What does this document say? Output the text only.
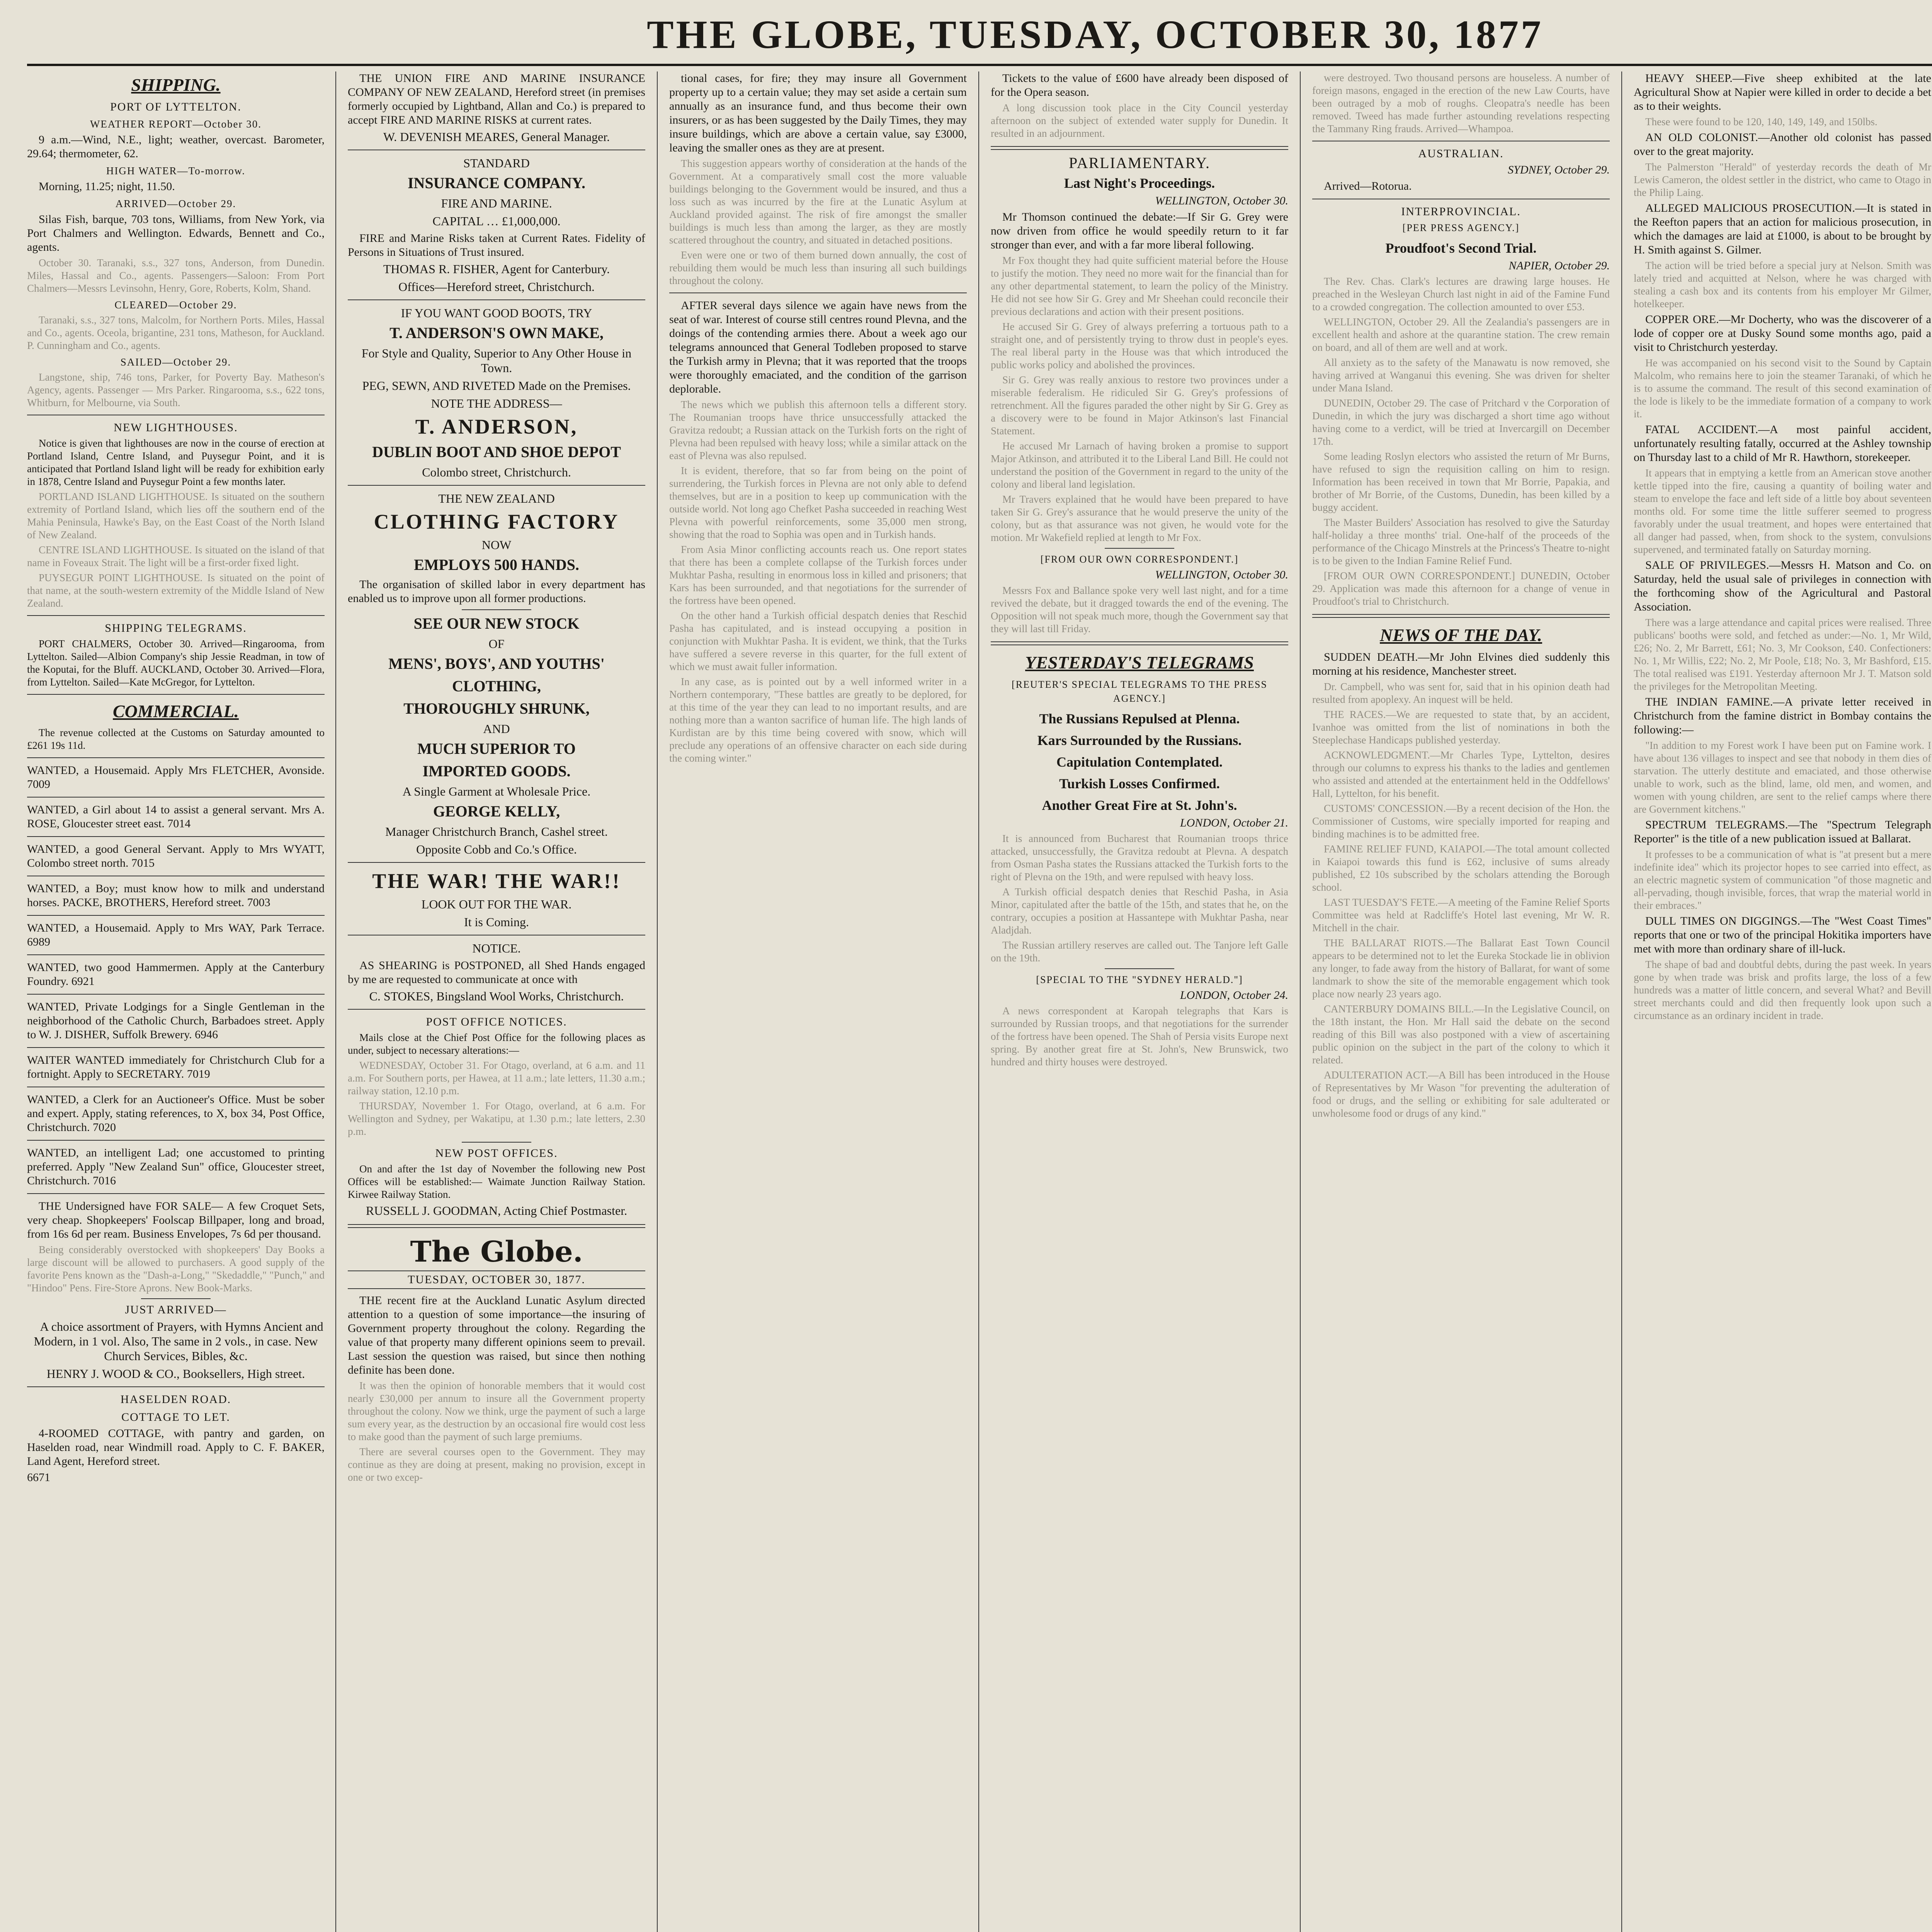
THE GLOBE, TUESDAY, OCTOBER 30, 1877
SHIPPING.
PORT OF LYTTELTON.
WEATHER REPORT—October 30.

9 a.m.—Wind, N.E., light; weather, overcast. Barometer, 29.64; thermometer, 62.

HIGH WATER—To-morrow.

Morning, 11.25; night, 11.50.

ARRIVED—October 29.

Silas Fish, barque, 703 tons, Williams, from New York, via Port Chalmers and Wellington. Edwards, Bennett and Co., agents.

October 30. Taranaki, s.s., 327 tons, Anderson, from Dunedin. Miles, Hassal and Co., agents. Passengers—Saloon: From Port Chalmers—Messrs Levinsohn, Henry, Gore, Roberts, Kolm, Shand.

CLEARED—October 29.

Taranaki, s.s., 327 tons, Malcolm, for Northern Ports. Miles, Hassal and Co., agents. Oceola, brigantine, 231 tons, Matheson, for Auckland. P. Cunningham and Co., agents.

SAILED—October 29.

Langstone, ship, 746 tons, Parker, for Poverty Bay. Matheson's Agency, agents. Passenger — Mrs Parker. Ringarooma, s.s., 622 tons, Whitburn, for Melbourne, via South.

NEW LIGHTHOUSES.

Notice is given that lighthouses are now in the course of erection at Portland Island, Centre Island, and Puysegur Point, and it is anticipated that Portland Island light will be ready for exhibition early in 1878, Centre Island and Puysegur Point a few months later.

PORTLAND ISLAND LIGHTHOUSE. Is situated on the southern extremity of Portland Island, which lies off the southern end of the Mahia Peninsula, Hawke's Bay, on the East Coast of the North Island of New Zealand.

CENTRE ISLAND LIGHTHOUSE. Is situated on the island of that name in Foveaux Strait. The light will be a first-order fixed light.

PUYSEGUR POINT LIGHTHOUSE. Is situated on the point of that name, at the south-western extremity of the Middle Island of New Zealand.

SHIPPING TELEGRAMS.

PORT CHALMERS, October 30. Arrived—Ringarooma, from Lyttelton. Sailed—Albion Company's ship Jessie Readman, in tow of the Koputai, for the Bluff. AUCKLAND, October 30. Arrived—Flora, from Lyttelton. Sailed—Kate McGregor, for Lyttelton.

COMMERCIAL.

The revenue collected at the Customs on Saturday amounted to £261 19s 11d.

WANTED, a Housemaid. Apply Mrs FLETCHER, Avonside. 7009
WANTED, a Girl about 14 to assist a general servant. Mrs A. ROSE, Gloucester street east. 7014
WANTED, a good General Servant. Apply to Mrs WYATT, Colombo street north. 7015
WANTED, a Boy; must know how to milk and understand horses. PACKE, BROTHERS, Hereford street. 7003
WANTED, a Housemaid. Apply to Mrs WAY, Park Terrace. 6989
WANTED, two good Hammermen. Apply at the Canterbury Foundry. 6921
WANTED, Private Lodgings for a Single Gentleman in the neighborhood of the Catholic Church, Barbadoes street. Apply to W. J. DISHER, Suffolk Brewery. 6946
WAITER WANTED immediately for Christchurch Club for a fortnight. Apply to SECRETARY. 7019
WANTED, a Clerk for an Auctioneer's Office. Must be sober and expert. Apply, stating references, to X, box 34, Post Office, Christchurch. 7020
WANTED, an intelligent Lad; one accustomed to printing preferred. Apply "New Zealand Sun" office, Gloucester street, Christchurch. 7016

THE Undersigned have FOR SALE— A few Croquet Sets, very cheap. Shopkeepers' Foolscap Billpaper, long and broad, from 16s 6d per ream. Business Envelopes, 7s 6d per thousand.

Being considerably overstocked with shopkeepers' Day Books a large discount will be allowed to purchasers. A good supply of the favorite Pens known as the "Dash-a-Long," "Skedaddle," "Punch," and "Hindoo" Pens. Fire-Store Aprons. New Book-Marks.

JUST ARRIVED—

A choice assortment of Prayers, with Hymns Ancient and Modern, in 1 vol. Also, The same in 2 vols., in case. New Church Services, Bibles, &c.

HENRY J. WOOD & CO., Booksellers, High street.
HASELDEN ROAD.
COTTAGE TO LET.

4-ROOMED COTTAGE, with pantry and garden, on Haselden road, near Windmill road. Apply to C. F. BAKER, Land Agent, Hereford street.

6671

THE UNION FIRE AND MARINE INSURANCE COMPANY OF NEW ZEALAND, Hereford street (in premises formerly occupied by Lightband, Allan and Co.) is prepared to accept FIRE AND MARINE RISKS at current rates.

W. DEVENISH MEARES, General Manager.
STANDARD
INSURANCE COMPANY.
FIRE AND MARINE.
CAPITAL … £1,000,000.

FIRE and Marine Risks taken at Current Rates. Fidelity of Persons in Situations of Trust insured.

THOMAS R. FISHER, Agent for Canterbury.
Offices—Hereford street, Christchurch.
IF YOU WANT GOOD BOOTS, TRY
T. ANDERSON'S OWN MAKE,
For Style and Quality, Superior to Any Other House in Town.
PEG, SEWN, AND RIVETED Made on the Premises.
NOTE THE ADDRESS—
T. ANDERSON,
DUBLIN BOOT AND SHOE DEPOT
Colombo street, Christchurch.
THE NEW ZEALAND
CLOTHING FACTORY
NOW
EMPLOYS 500 HANDS.

The organisation of skilled labor in every department has enabled us to improve upon all former productions.

SEE OUR NEW STOCK
OF
MENS', BOYS', AND YOUTHS'
CLOTHING,
THOROUGHLY SHRUNK,
AND
MUCH SUPERIOR TO
IMPORTED GOODS.
A Single Garment at Wholesale Price.
GEORGE KELLY,
Manager Christchurch Branch, Cashel street.
Opposite Cobb and Co.'s Office.
THE WAR! THE WAR!!
LOOK OUT FOR THE WAR.
It is Coming.
NOTICE.

AS SHEARING is POSTPONED, all Shed Hands engaged by me are requested to communicate at once with

C. STOKES, Bingsland Wool Works, Christchurch.
POST OFFICE NOTICES.

Mails close at the Chief Post Office for the following places as under, subject to necessary alterations:—

WEDNESDAY, October 31. For Otago, overland, at 6 a.m. and 11 a.m. For Southern ports, per Hawea, at 11 a.m.; late letters, 11.30 a.m.; railway station, 12.10 p.m.

THURSDAY, November 1. For Otago, overland, at 6 a.m. For Wellington and Sydney, per Wakatipu, at 1.30 p.m.; late letters, 2.30 p.m.

NEW POST OFFICES.

On and after the 1st day of November the following new Post Offices will be established:— Waimate Junction Railway Station. Kirwee Railway Station.

RUSSELL J. GOODMAN, Acting Chief Postmaster.
The Globe.
TUESDAY, OCTOBER 30, 1877.

THE recent fire at the Auckland Lunatic Asylum directed attention to a question of some importance—the insuring of Government property throughout the colony. Regarding the value of that property many different opinions seem to prevail. Last session the question was raised, but since then nothing definite has been done.

It was then the opinion of honorable members that it would cost nearly £30,000 per annum to insure all the Government property throughout the colony. Now we think, urge the payment of such a large sum every year, as the destruction by an occasional fire would cost less to make good than the payment of such large premiums.

There are several courses open to the Government. They may continue as they are doing at present, making no provision, except in one or two excep-

tional cases, for fire; they may insure all Government property up to a certain value; they may set aside a certain sum annually as an insurance fund, and thus become their own insurers, or as has been suggested by the Daily Times, they may insure buildings, which are above a certain value, say £3000, leaving the smaller ones as they are at present.

This suggestion appears worthy of consideration at the hands of the Government. At a comparatively small cost the more valuable buildings belonging to the Government would be insured, and thus a loss such as was incurred by the fire at the Lunatic Asylum at Auckland provided against. The risk of fire amongst the smaller buildings is much less than among the larger, as they are mostly scattered throughout the country, and situated in detached positions.

Even were one or two of them burned down annually, the cost of rebuilding them would be much less than insuring all such buildings throughout the colony.

AFTER several days silence we again have news from the seat of war. Interest of course still centres round Plevna, and the doings of the contending armies there. About a week ago our telegrams announced that General Todleben proposed to starve the Turkish army in Plevna; that it was reported that the troops were thoroughly emaciated, and the condition of the garrison deplorable.

The news which we publish this afternoon tells a different story. The Roumanian troops have thrice unsuccessfully attacked the Gravitza redoubt; a Russian attack on the Turkish forts on the right of Plevna had been repulsed with heavy loss; while a similar attack on the east of Plevna was also repulsed.

It is evident, therefore, that so far from being on the point of surrendering, the Turkish forces in Plevna are not only able to defend themselves, but are in a position to keep up communication with the outside world. Not long ago Chefket Pasha succeeded in reaching West Plevna with powerful reinforcements, some 35,000 men strong, showing that the road to Sophia was open and in Turkish hands.

From Asia Minor conflicting accounts reach us. One report states that there has been a complete collapse of the Turkish forces under Mukhtar Pasha, resulting in enormous loss in killed and prisoners; that Kars has been surrounded, and that negotiations for the surrender of the fortress have been opened.

On the other hand a Turkish official despatch denies that Reschid Pasha has capitulated, and is instead occupying a position in conjunction with Mukhtar Pasha. It is evident, we think, that the Turks have suffered a severe reverse in this quarter, for the full extent of which we must await fuller information.

In any case, as is pointed out by a well informed writer in a Northern contemporary, "These battles are greatly to be deplored, for at this time of the year they can lead to no important results, and are nothing more than a wanton sacrifice of human life. The high lands of Kurdistan are by this time being covered with snow, which will preclude any operations of an offensive character on each side during the coming winter."

Tickets to the value of £600 have already been disposed of for the Opera season.

A long discussion took place in the City Council yesterday afternoon on the subject of extended water supply for Dunedin. It resulted in an adjournment.

PARLIAMENTARY.
Last Night's Proceedings.
WELLINGTON, October 30.

Mr Thomson continued the debate:—If Sir G. Grey were now driven from office he would speedily return to it far stronger than ever, and with a far more liberal following.

Mr Fox thought they had quite sufficient material before the House to justify the motion. They need no more wait for the financial than for any other departmental statement, to learn the policy of the Ministry. He did not see how Sir G. Grey and Mr Sheehan could reconcile their previous declarations and action with their present positions.

He accused Sir G. Grey of always preferring a tortuous path to a straight one, and of persistently trying to throw dust in people's eyes. The real liberal party in the House was that which introduced the public works policy and abolished the provinces.

Sir G. Grey was really anxious to restore two provinces under a miserable federalism. He ridiculed Sir G. Grey's professions of retrenchment. All the figures paraded the other night by Sir G. Grey as a discovery were to be found in Major Atkinson's last Financial Statement.

He accused Mr Larnach of having broken a promise to support Major Atkinson, and attributed it to the Liberal Land Bill. He could not understand the position of the Government in regard to the unity of the colony and liberal land legislation.

Mr Travers explained that he would have been prepared to have taken Sir G. Grey's assurance that he would preserve the unity of the colony, but as that assurance was not given, he would vote for the motion. Mr Wakefield replied at length to Mr Fox.

[FROM OUR OWN CORRESPONDENT.]
WELLINGTON, October 30.

Messrs Fox and Ballance spoke very well last night, and for a time revived the debate, but it dragged towards the end of the evening. The Opposition will not speak much more, though the Government say that they will last till Friday.

YESTERDAY'S TELEGRAMS
[REUTER'S SPECIAL TELEGRAMS TO THE PRESS AGENCY.]
The Russians Repulsed at Plenna.
Kars Surrounded by the Russians.
Capitulation Contemplated.
Turkish Losses Confirmed.
Another Great Fire at St. John's.
LONDON, October 21.

It is announced from Bucharest that Roumanian troops thrice attacked, unsuccessfully, the Gravitza redoubt at Plevna. A despatch from Osman Pasha states the Russians attacked the Turkish forts to the right of Plevna on the 19th, and were repulsed with heavy loss.

A Turkish official despatch denies that Reschid Pasha, in Asia Minor, capitulated after the battle of the 15th, and states that he, on the contrary, occupies a position at Hassantepe with Mukhtar Pasha, near Aladjdah.

The Russian artillery reserves are called out. The Tanjore left Galle on the 19th.

[SPECIAL TO THE "SYDNEY HERALD."]
LONDON, October 24.

A news correspondent at Karopah telegraphs that Kars is surrounded by Russian troops, and that negotiations for the surrender of the fortress have been opened. The Shah of Persia visits Europe next spring. By another great fire at St. John's, New Brunswick, two hundred and thirty houses were destroyed.

were destroyed. Two thousand persons are houseless. A number of foreign masons, engaged in the erection of the new Law Courts, have been outraged by a mob of roughs. Cleopatra's needle has been removed. Tweed has made further astounding revelations respecting the Tammany Ring frauds. Arrived—Whampoa.

AUSTRALIAN.
SYDNEY, October 29.

Arrived—Rotorua.

INTERPROVINCIAL.
[PER PRESS AGENCY.]
Proudfoot's Second Trial.
NAPIER, October 29.

The Rev. Chas. Clark's lectures are drawing large houses. He preached in the Wesleyan Church last night in aid of the Famine Fund to a crowded congregation. The collection amounted to over £53.

WELLINGTON, October 29. All the Zealandia's passengers are in excellent health and ashore at the quarantine station. The crew remain on board, and all of them are well and at work.

All anxiety as to the safety of the Manawatu is now removed, she having arrived at Wanganui this evening. She was driven for shelter under Mana Island.

DUNEDIN, October 29. The case of Pritchard v the Corporation of Dunedin, in which the jury was discharged a short time ago without having come to a verdict, will be tried at Invercargill on December 17th.

Some leading Roslyn electors who assisted the return of Mr Burns, have refused to sign the requisition calling on him to resign. Information has been received in town that Mr Borrie, Papakia, and brother of Mr Borrie, of the Customs, Dunedin, has been killed by a buggy accident.

The Master Builders' Association has resolved to give the Saturday half-holiday a three months' trial. One-half of the proceeds of the performance of the Chicago Minstrels at the Princess's Theatre to-night is to be given to the Indian Famine Relief Fund.

[FROM OUR OWN CORRESPONDENT.] DUNEDIN, October 29. Application was made this afternoon for a change of venue in Proudfoot's trial to Christchurch.

NEWS OF THE DAY.

SUDDEN DEATH.—Mr John Elvines died suddenly this morning at his residence, Manchester street.

Dr. Campbell, who was sent for, said that in his opinion death had resulted from apoplexy. An inquest will be held.

THE RACES.—We are requested to state that, by an accident, Ivanhoe was omitted from the list of nominations in both the Steeplechase Handicaps published yesterday.

ACKNOWLEDGMENT.—Mr Charles Type, Lyttelton, desires through our columns to express his thanks to the ladies and gentlemen who assisted and attended at the entertainment held in the Oddfellows' Hall, Lyttelton, for his benefit.

CUSTOMS' CONCESSION.—By a recent decision of the Hon. the Commissioner of Customs, wire specially imported for reaping and binding machines is to be admitted free.

FAMINE RELIEF FUND, KAIAPOI.—The total amount collected in Kaiapoi towards this fund is £62, inclusive of sums already published, £2 10s subscribed by the scholars attending the Borough school.

LAST TUESDAY'S FETE.—A meeting of the Famine Relief Sports Committee was held at Radcliffe's Hotel last evening, Mr W. R. Mitchell in the chair.

THE BALLARAT RIOTS.—The Ballarat East Town Council appears to be determined not to let the Eureka Stockade lie in oblivion any longer, to fade away from the history of Ballarat, for want of some landmark to show the site of the memorable engagement which took place now nearly 23 years ago.

CANTERBURY DOMAINS BILL.—In the Legislative Council, on the 18th instant, the Hon. Mr Hall said the debate on the second reading of this Bill was also postponed with a view of ascertaining public opinion on the subject in the part of the colony to which it related.

ADULTERATION ACT.—A Bill has been introduced in the House of Representatives by Mr Wason "for preventing the adulteration of food or drugs, and the selling or exhibiting for sale adulterated or unwholesome food or drugs of any kind."

HEAVY SHEEP.—Five sheep exhibited at the late Agricultural Show at Napier were killed in order to decide a bet as to their weights.

These were found to be 120, 140, 149, 149, and 150lbs.

AN OLD COLONIST.—Another old colonist has passed over to the great majority.

The Palmerston "Herald" of yesterday records the death of Mr Lewis Cameron, the oldest settler in the district, who came to Otago in the Philip Laing.

ALLEGED MALICIOUS PROSECUTION.—It is stated in the Reefton papers that an action for malicious prosecution, in which the damages are laid at £1000, is about to be brought by H. Smith against S. Gilmer.

The action will be tried before a special jury at Nelson. Smith was lately tried and acquitted at Nelson, where he was charged with stealing a cash box and its contents from his employer Mr Gilmer, hotelkeeper.

COPPER ORE.—Mr Docherty, who was the discoverer of a lode of copper ore at Dusky Sound some months ago, paid a visit to Christchurch yesterday.

He was accompanied on his second visit to the Sound by Captain Malcolm, who remains here to join the steamer Taranaki, of which he is to assume the command. The result of this second examination of the lode is likely to be the immediate formation of a company to work it.

FATAL ACCIDENT.—A most painful accident, unfortunately resulting fatally, occurred at the Ashley township on Thursday last to a child of Mr R. Hawthorn, storekeeper.

It appears that in emptying a kettle from an American stove another kettle tipped into the fire, causing a quantity of boiling water and steam to envelope the face and left side of a little boy about seventeen months old. For some time the little sufferer seemed to progress favorably under the usual treatment, and hopes were entertained that all danger had passed, when, from shock to the system, convulsions supervened, and terminated fatally on Saturday morning.

SALE OF PRIVILEGES.—Messrs H. Matson and Co. on Saturday, held the usual sale of privileges in connection with the forthcoming show of the Agricultural and Pastoral Association.

There was a large attendance and capital prices were realised. Three publicans' booths were sold, and fetched as under:—No. 1, Mr Wild, £26; No. 2, Mr Barrett, £61; No. 3, Mr Cookson, £40. Confectioners: No. 1, Mr Willis, £22; No. 2, Mr Poole, £18; No. 3, Mr Bashford, £15. The total realised was £191. Yesterday afternoon Mr J. T. Matson sold the privileges for the Metropolitan Meeting.

THE INDIAN FAMINE.—A private letter received in Christchurch from the famine district in Bombay contains the following:—

"In addition to my Forest work I have been put on Famine work. I have about 136 villages to inspect and see that nobody in them dies of starvation. The utterly destitute and emaciated, and those otherwise unable to work, such as the blind, lame, old men, and women, and women with young children, are sent to the relief camps where there are Government kitchens."

SPECTRUM TELEGRAMS.—The "Spectrum Telegraph Reporter" is the title of a new publication issued at Ballarat.

It professes to be a communication of what is "at present but a mere indefinite idea" which its projector hopes to see carried into effect, as an electric magnetic system of communication "of those magnetic and all-pervading, though invisible, forces, that wrap the material world in their embraces."

DULL TIMES ON DIGGINGS.—The "West Coast Times" reports that one or two of the principal Hokitika importers have met with more than ordinary share of ill-luck.

The shape of bad and doubtful debts, during the past week. In years gone by when trade was brisk and profits large, the loss of a few hundreds was a matter of little concern, and several What? and Bevill street merchants could and did then frequently look upon such a circumstance as an ordinary incident in trade.
